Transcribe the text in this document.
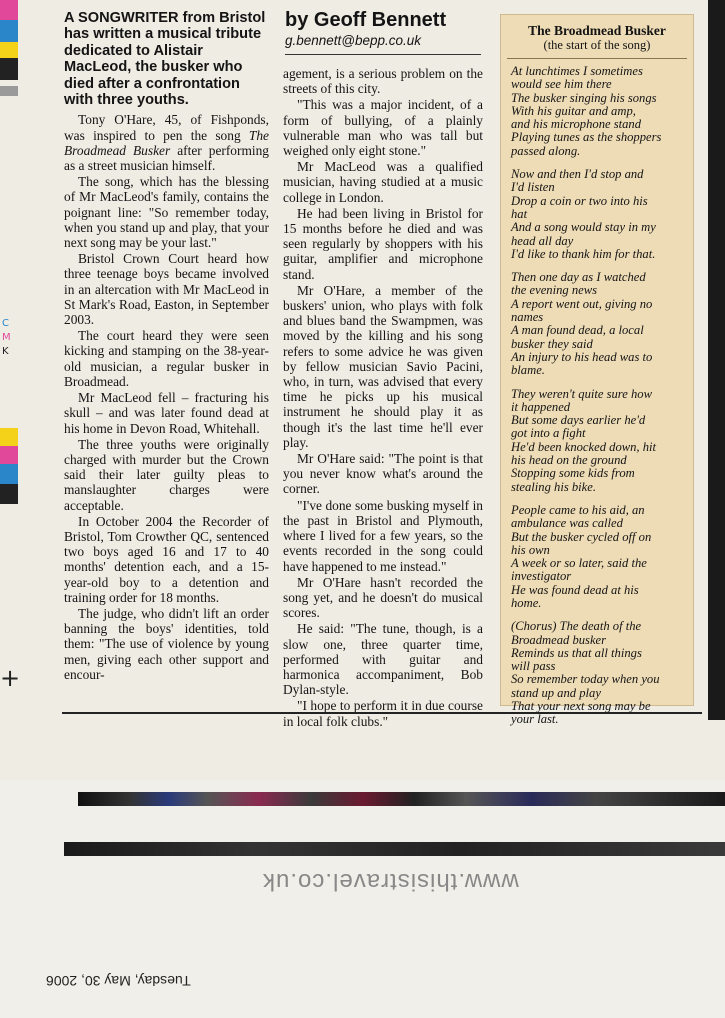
C
M
K
+
A SONGWRITER from Bristol has written a musical tribute dedicated to Alistair MacLeod, the busker who died after a confrontation with three youths.

Tony O'Hare, 45, of Fishponds, was inspired to pen the song The Broadmead Busker after performing as a street musician himself.

The song, which has the blessing of Mr MacLeod's family, contains the poignant line: "So remember today, when you stand up and play, that your next song may be your last."

Bristol Crown Court heard how three teenage boys became involved in an altercation with Mr MacLeod in St Mark's Road, Easton, in September 2003.

The court heard they were seen kicking and stamping on the 38-year-old musician, a regular busker in Broadmead.

Mr MacLeod fell – fracturing his skull – and was later found dead at his home in Devon Road, Whitehall.

The three youths were originally charged with murder but the Crown said their later guilty pleas to manslaughter charges were acceptable.

In October 2004 the Recorder of Bristol, Tom Crowther QC, sentenced two boys aged 16 and 17 to 40 months' detention each, and a 15-year-old boy to a detention and training order for 18 months.

The judge, who didn't lift an order banning the boys' identities, told them: "The use of violence by young men, giving each other support and encour-

by Geoff Bennett
g.bennett@bepp.co.uk

agement, is a serious problem on the streets of this city.

"This was a major incident, of a form of bullying, of a plainly vulnerable man who was tall but weighed only eight stone."

Mr MacLeod was a qualified musician, having studied at a music college in London.

He had been living in Bristol for 15 months before he died and was seen regularly by shoppers with his guitar, amplifier and microphone stand.

Mr O'Hare, a member of the buskers' union, who plays with folk and blues band the Swampmen, was moved by the killing and his song refers to some advice he was given by fellow musician Savio Pacini, who, in turn, was advised that every time he picks up his musical instrument he should play it as though it's the last time he'll ever play.

Mr O'Hare said: "The point is that you never know what's around the corner.

"I've done some busking myself in the past in Bristol and Plymouth, where I lived for a few years, so the events recorded in the song could have happened to me instead."

Mr O'Hare hasn't recorded the song yet, and he doesn't do musical scores.

He said: "The tune, though, is a slow one, three quarter time, performed with guitar and harmonica accompaniment, Bob Dylan-style.

"I hope to perform it in due course in local folk clubs."

The Broadmead Busker
(the start of the song)
At lunchtimes I sometimes
would see him there
The busker singing his songs
With his guitar and amp,
and his microphone stand
Playing tunes as the shoppers
passed along.
Now and then I'd stop and
I'd listen
Drop a coin or two into his
hat
And a song would stay in my
head all day
I'd like to thank him for that.
Then one day as I watched
the evening news
A report went out, giving no
names
A man found dead, a local
busker they said
An injury to his head was to
blame.
They weren't quite sure how
it happened
But some days earlier he'd
got into a fight
He'd been knocked down, hit
his head on the ground
Stopping some kids from
stealing his bike.
People came to his aid, an
ambulance was called
But the busker cycled off on
his own
A week or so later, said the
investigator
He was found dead at his
home.
(Chorus) The death of the
Broadmead busker
Reminds us that all things
will pass
So remember today when you
stand up and play
That your next song may be
your last.
www.thisistravel.co.uk
Tuesday, May 30, 2006
